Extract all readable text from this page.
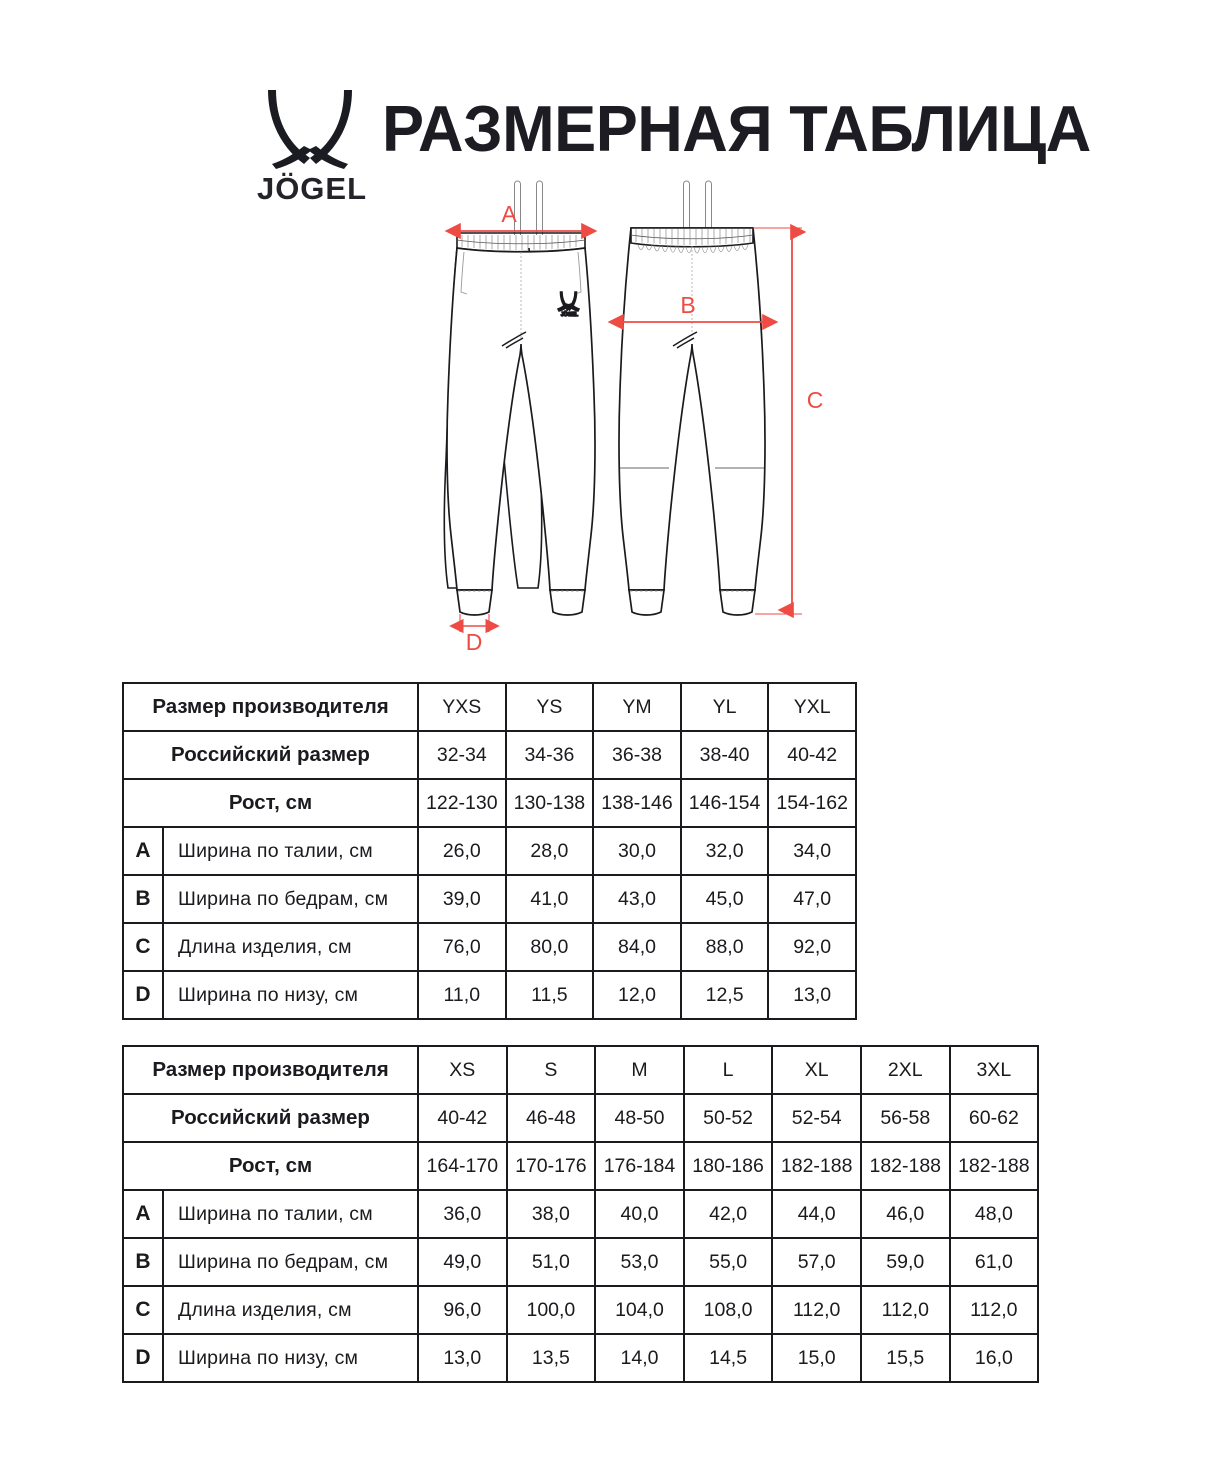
JÖGEL
РАЗМЕРНАЯ ТАБЛИЦА
JÖGEL
A
B
C
D
Размер производителя		YXS	YS	YM	YL	YXL
Российский размер		32-34	34-36	36-38	38-40	40-42
Рост, см		122-130	130-138	138-146	146-154	154-162
A	Ширина по талии, см	26,0	28,0	30,0	32,0	34,0
B	Ширина по бедрам, см	39,0	41,0	43,0	45,0	47,0
C	Длина изделия, см	76,0	80,0	84,0	88,0	92,0
D	Ширина по низу, см	11,0	11,5	12,0	12,5	13,0
Размер производителя		XS	S	M	L	XL	2XL	3XL
Российский размер		40-42	46-48	48-50	50-52	52-54	56-58	60-62
Рост, см		164-170	170-176	176-184	180-186	182-188	182-188	182-188
A	Ширина по талии, см	36,0	38,0	40,0	42,0	44,0	46,0	48,0
B	Ширина по бедрам, см	49,0	51,0	53,0	55,0	57,0	59,0	61,0
C	Длина изделия, см	96,0	100,0	104,0	108,0	112,0	112,0	112,0
D	Ширина по низу, см	13,0	13,5	14,0	14,5	15,0	15,5	16,0
